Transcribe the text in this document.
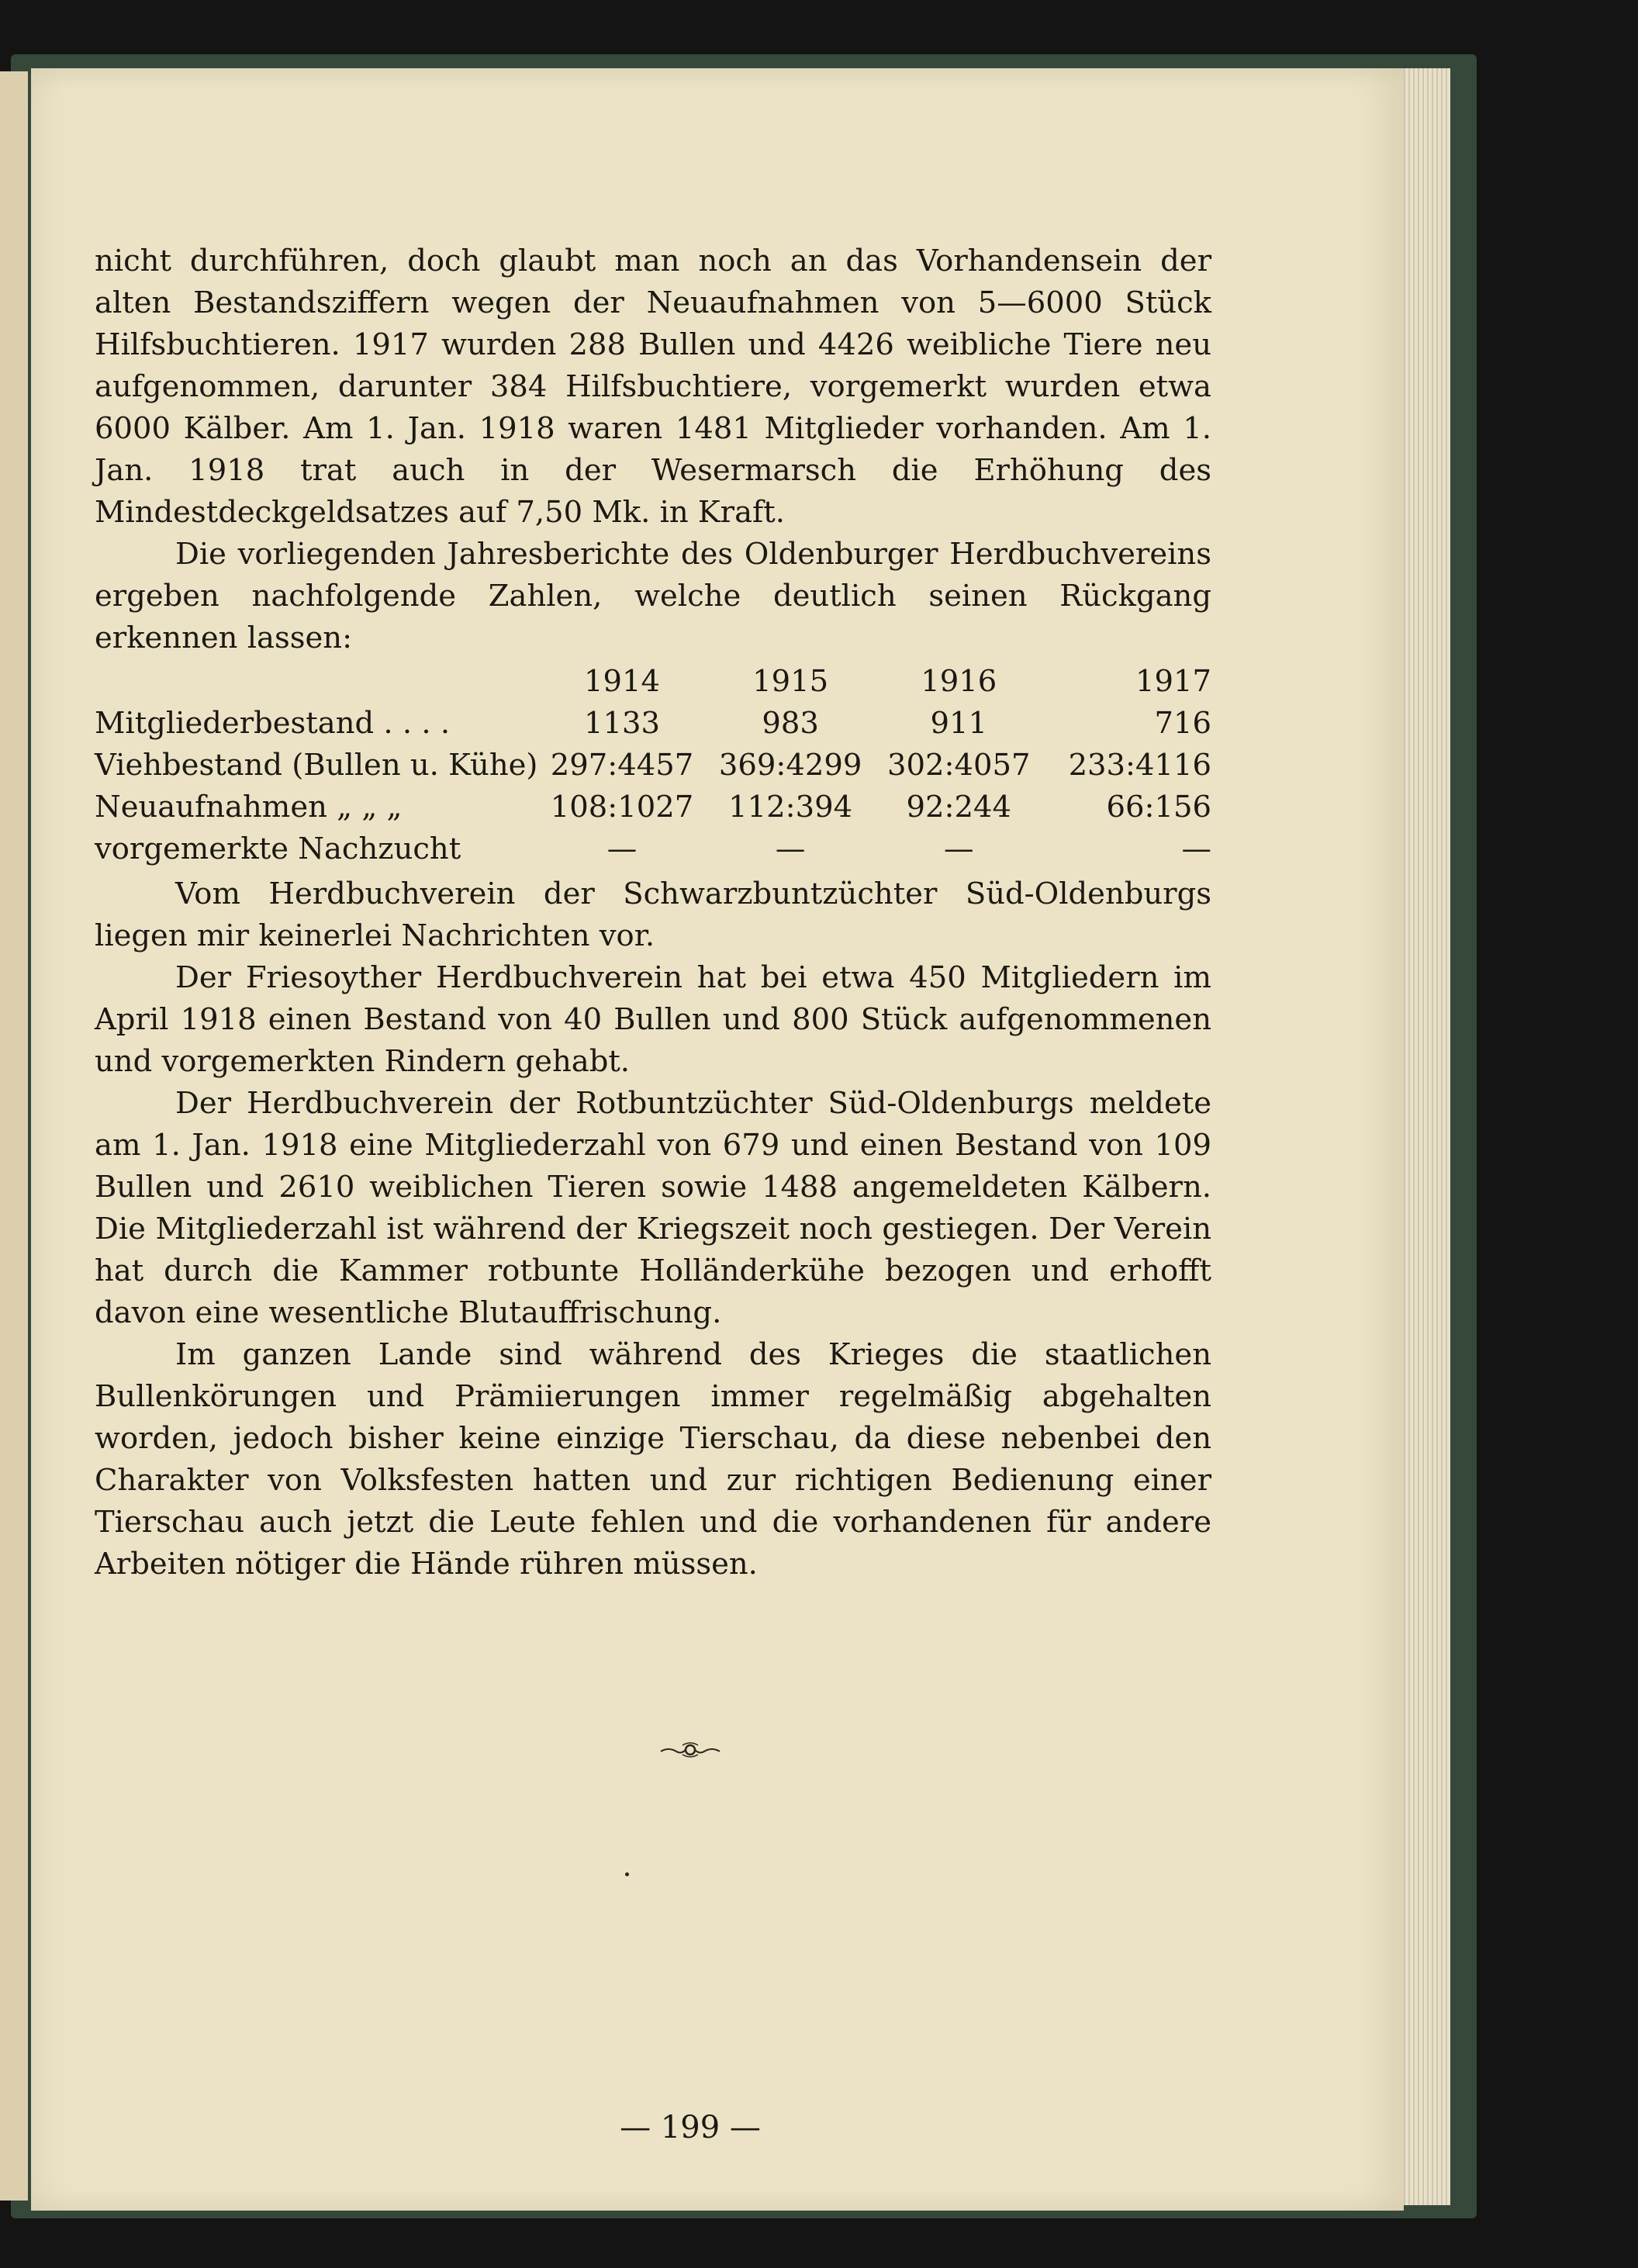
nicht durchführen, doch glaubt man noch an das Vorhandensein der alten Bestandsziffern wegen der Neuaufnahmen von 5—6000 Stück Hilfsbuchtieren. 1917 wurden 288 Bullen und 4426 weibliche Tiere neu aufgenommen, darunter 384 Hilfsbuchtiere, vorgemerkt wurden etwa 6000 Kälber. Am 1. Jan. 1918 waren 1481 Mitglieder vorhanden. Am 1. Jan. 1918 trat auch in der Wesermarsch die Erhöhung des Mindestdeckgeldsatzes auf 7,50 Mk. in Kraft.

Die vorliegenden Jahresberichte des Oldenburger Herdbuchvereins ergeben nachfolgende Zahlen, welche deutlich seinen Rückgang erkennen lassen:

	1914	1915	1916	1917
Mitgliederbestand . . . .	1133	983	911	716
Viehbestand (Bullen u. Kühe)	297:4457	369:4299	302:4057	233:4116
Neuaufnahmen „ „ „	108:1027	112:394	92:244	66:156
vorgemerkte Nachzucht	—	—	—	—

Vom Herdbuchverein der Schwarzbuntzüchter Süd-Oldenburgs liegen mir keinerlei Nachrichten vor.

Der Friesoyther Herdbuchverein hat bei etwa 450 Mitgliedern im April 1918 einen Bestand von 40 Bullen und 800 Stück aufgenommenen und vorgemerkten Rindern gehabt.

Der Herdbuchverein der Rotbuntzüchter Süd-Oldenburgs meldete am 1. Jan. 1918 eine Mitgliederzahl von 679 und einen Bestand von 109 Bullen und 2610 weiblichen Tieren sowie 1488 angemeldeten Kälbern. Die Mitgliederzahl ist während der Kriegszeit noch gestiegen. Der Verein hat durch die Kammer rotbunte Holländerkühe bezogen und erhofft davon eine wesentliche Blutauffrischung.

Im ganzen Lande sind während des Krieges die staatlichen Bullenkörungen und Prämiierungen immer regelmäßig abgehalten worden, jedoch bisher keine einzige Tierschau, da diese nebenbei den Charakter von Volksfesten hatten und zur richtigen Bedienung einer Tierschau auch jetzt die Leute fehlen und die vorhandenen für andere Arbeiten nötiger die Hände rühren müssen.

— 199 —
